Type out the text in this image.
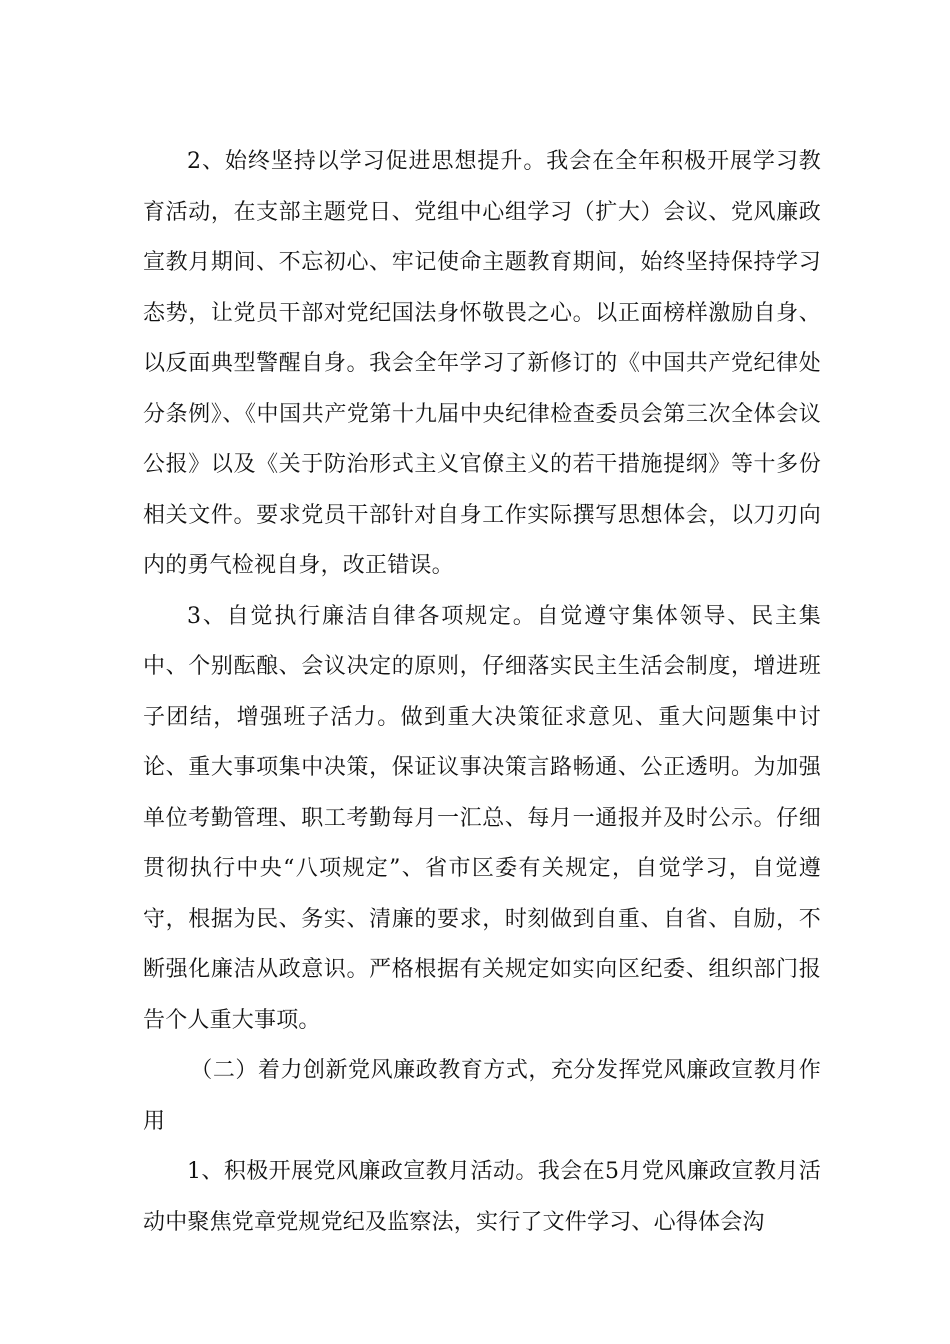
2、始终坚持以学习促进思想提升。我会在全年积极开展学习教育活动，在支部主题党日、党组中心组学习（扩大）会议、党风廉政宣教月期间、不忘初心、牢记使命主题教育期间，始终坚持保持学习态势，让党员干部对党纪国法身怀敬畏之心。以正面榜样激励自身、以反面典型警醒自身。我会全年学习了新修订的《中国共产党纪律处分条例》、《中国共产党第十九届中央纪律检查委员会第三次全体会议公报》以及《关于防治形式主义官僚主义的若干措施提纲》等十多份相关文件。要求党员干部针对自身工作实际撰写思想体会，以刀刃向内的勇气检视自身，改正错误。

3、自觉执行廉洁自律各项规定。自觉遵守集体领导、民主集中、个别酝酿、会议决定的原则，仔细落实民主生活会制度，增进班子团结，增强班子活力。做到重大决策征求意见、重大问题集中讨论、重大事项集中决策，保证议事决策言路畅通、公正透明。为加强单位考勤管理、职工考勤每月一汇总、每月一通报并及时公示。仔细贯彻执行中央“八项规定”、省市区委有关规定，自觉学习，自觉遵守，根据为民、务实、清廉的要求，时刻做到自重、自省、自励，不断强化廉洁从政意识。严格根据有关规定如实向区纪委、组织部门报告个人重大事项。

（二）着力创新党风廉政教育方式，充分发挥党风廉政宣教月作用

1、积极开展党风廉政宣教月活动。我会在5月党风廉政宣教月活动中聚焦党章党规党纪及监察法，实行了文件学习、心得体会沟
